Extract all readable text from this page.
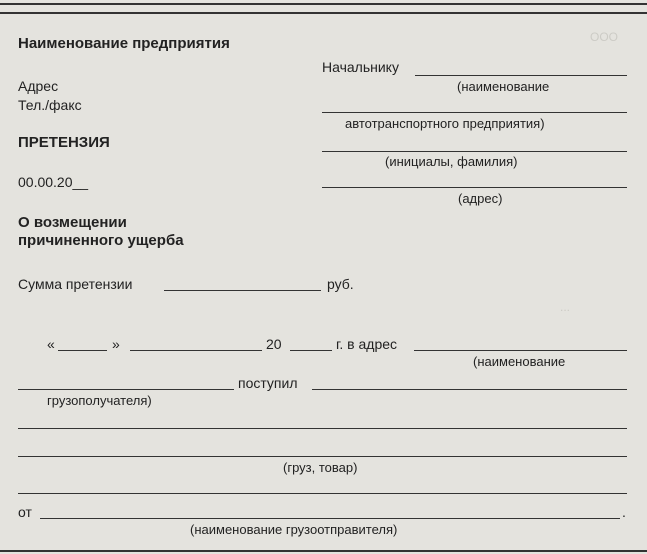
ООО
...
Наименование предприятия
Адрес
Тел./факс
Начальнику
(наименование
автотранспортного предприятия)
ПРЕТЕНЗИЯ
(инициалы, фамилия)
00.00.20__
(адрес)
О возмещении
причиненного ущерба
Сумма претензии	руб.
«	»	20	г. в адрес
(наименование
поступил
грузополучателя)
(груз, товар)
от	.
(наименование грузоотправителя)
